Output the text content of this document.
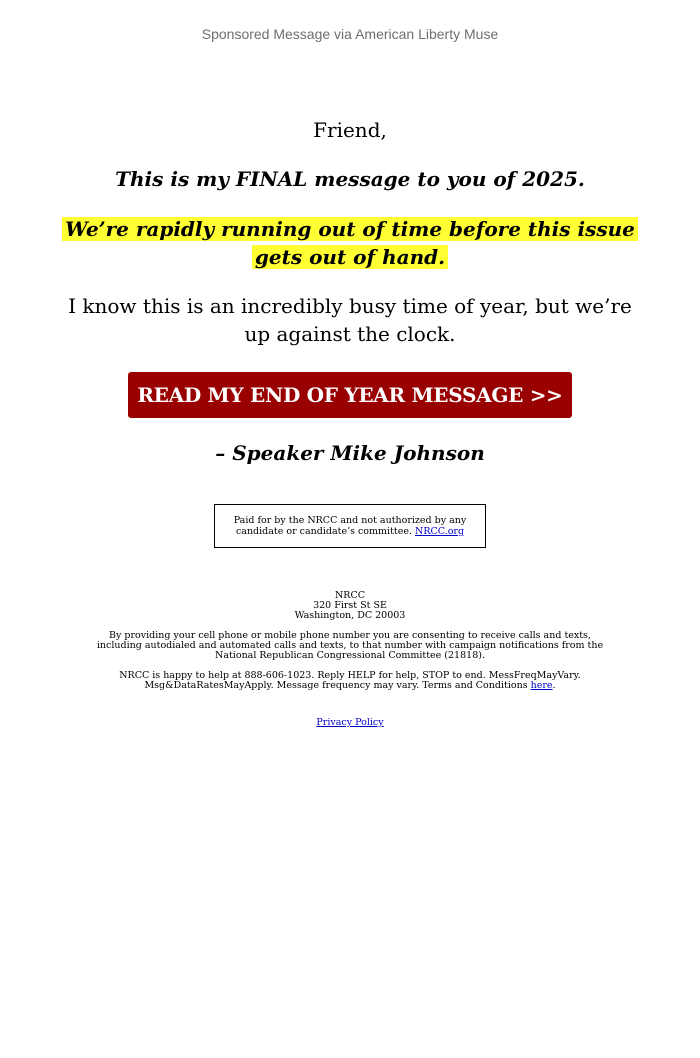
Sponsored Message via American Liberty Muse
Friend,
This is my FINAL message to you of 2025.
We’re rapidly running out of time before this issue gets out of hand.
I know this is an incredibly busy time of year, but we’re up against the clock.
READ MY END OF YEAR MESSAGE >>
– Speaker Mike Johnson
Paid for by the NRCC and not authorized by any candidate or candidate’s committee. NRCC.org
NRCC
320 First St SE
Washington, DC 20003
By providing your cell phone or mobile phone number you are consenting to receive calls and texts, including autodialed and automated calls and texts, to that number with campaign notifications from the National Republican Congressional Committee (21818).
NRCC is happy to help at 888-606-1023. Reply HELP for help, STOP to end. MessFreqMayVary. Msg&DataRatesMayApply. Message frequency may vary. Terms and Conditions here.
Privacy Policy
